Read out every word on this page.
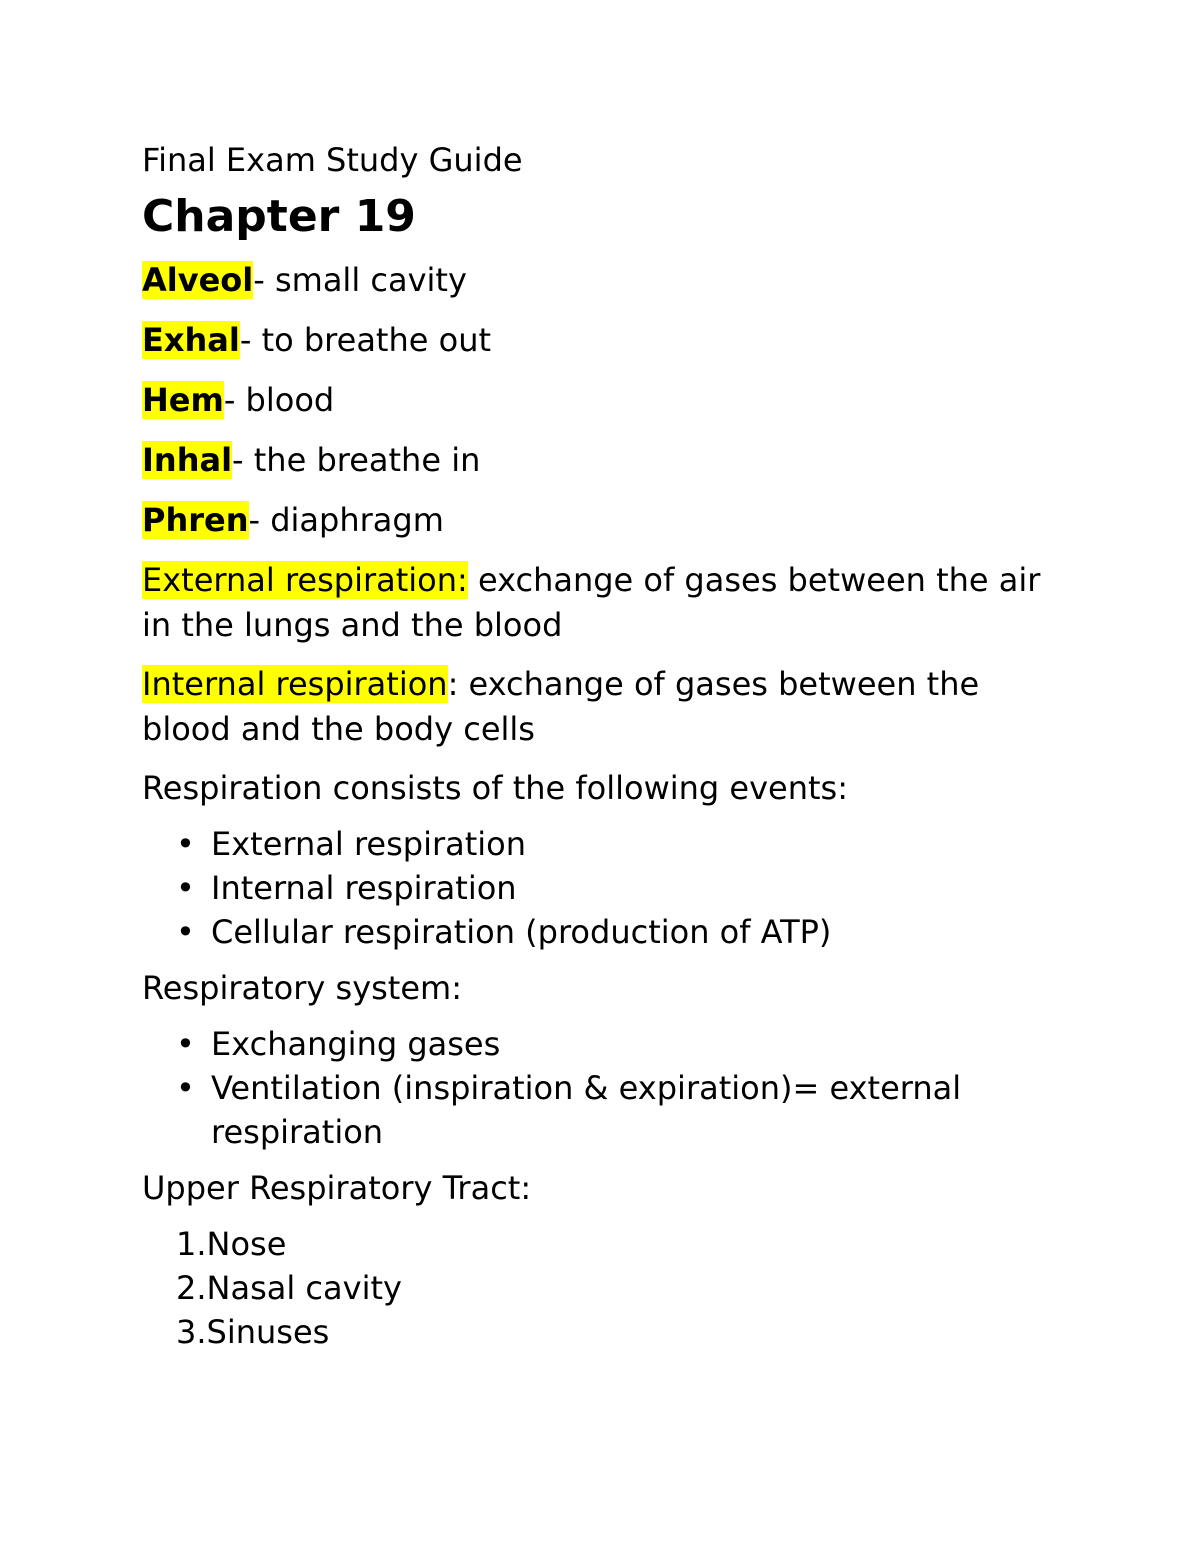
Final Exam Study Guide
Chapter 19
Alveol- small cavity
Exhal- to breathe out
Hem- blood
Inhal- the breathe in
Phren- diaphragm
External respiration: exchange of gases between the air in the lungs and the blood
Internal respiration: exchange of gases between the blood and the body cells
Respiration consists of the following events:
• External respiration
• Internal respiration
• Cellular respiration (production of ATP)
Respiratory system:
• Exchanging gases
• Ventilation (inspiration & expiration)= external respiration
Upper Respiratory Tract:
1.Nose
2.Nasal cavity
3.Sinuses
